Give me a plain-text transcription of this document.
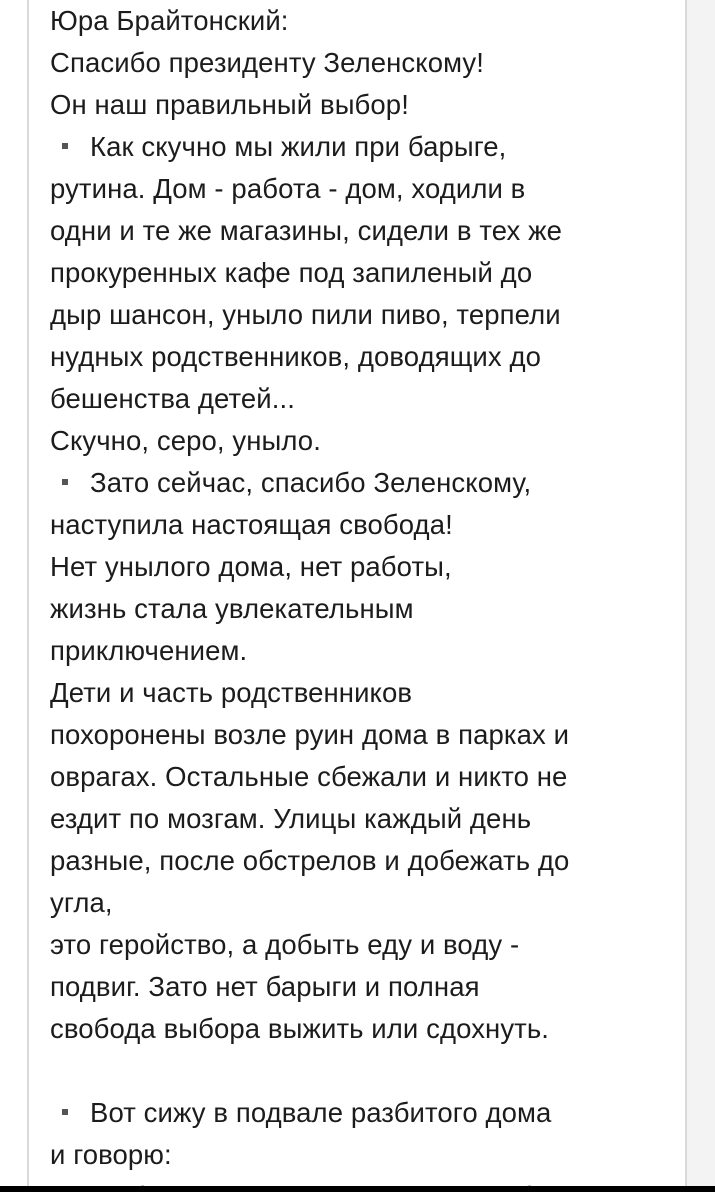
Юра Брайтонский:
Спасибо президенту Зеленскому!
Он наш правильный выбор!
Как скучно мы жили при барыге,
рутина. Дом - работа - дом, ходили в
одни и те же магазины, сидели в тех же
прокуренных кафе под запиленый до
дыр шансон, уныло пили пиво, терпели
нудных родственников, доводящих до
бешенства детей...
Скучно, серо, уныло.
Зато сейчас, спасибо Зеленскому,
наступила настоящая свобода!
Нет унылого дома, нет работы,
жизнь стала увлекательным
приключением.
Дети и часть родственников
похоронены возле руин дома в парках и
оврагах. Остальные сбежали и никто не
ездит по мозгам. Улицы каждый день
разные, после обстрелов и добежать до
угла,
это геройство, а добыть еду и воду -
подвиг. Зато нет барыги и полная
свобода выбора выжить или сдохнуть.
Вот сижу в подвале разбитого дома
и говорю:
